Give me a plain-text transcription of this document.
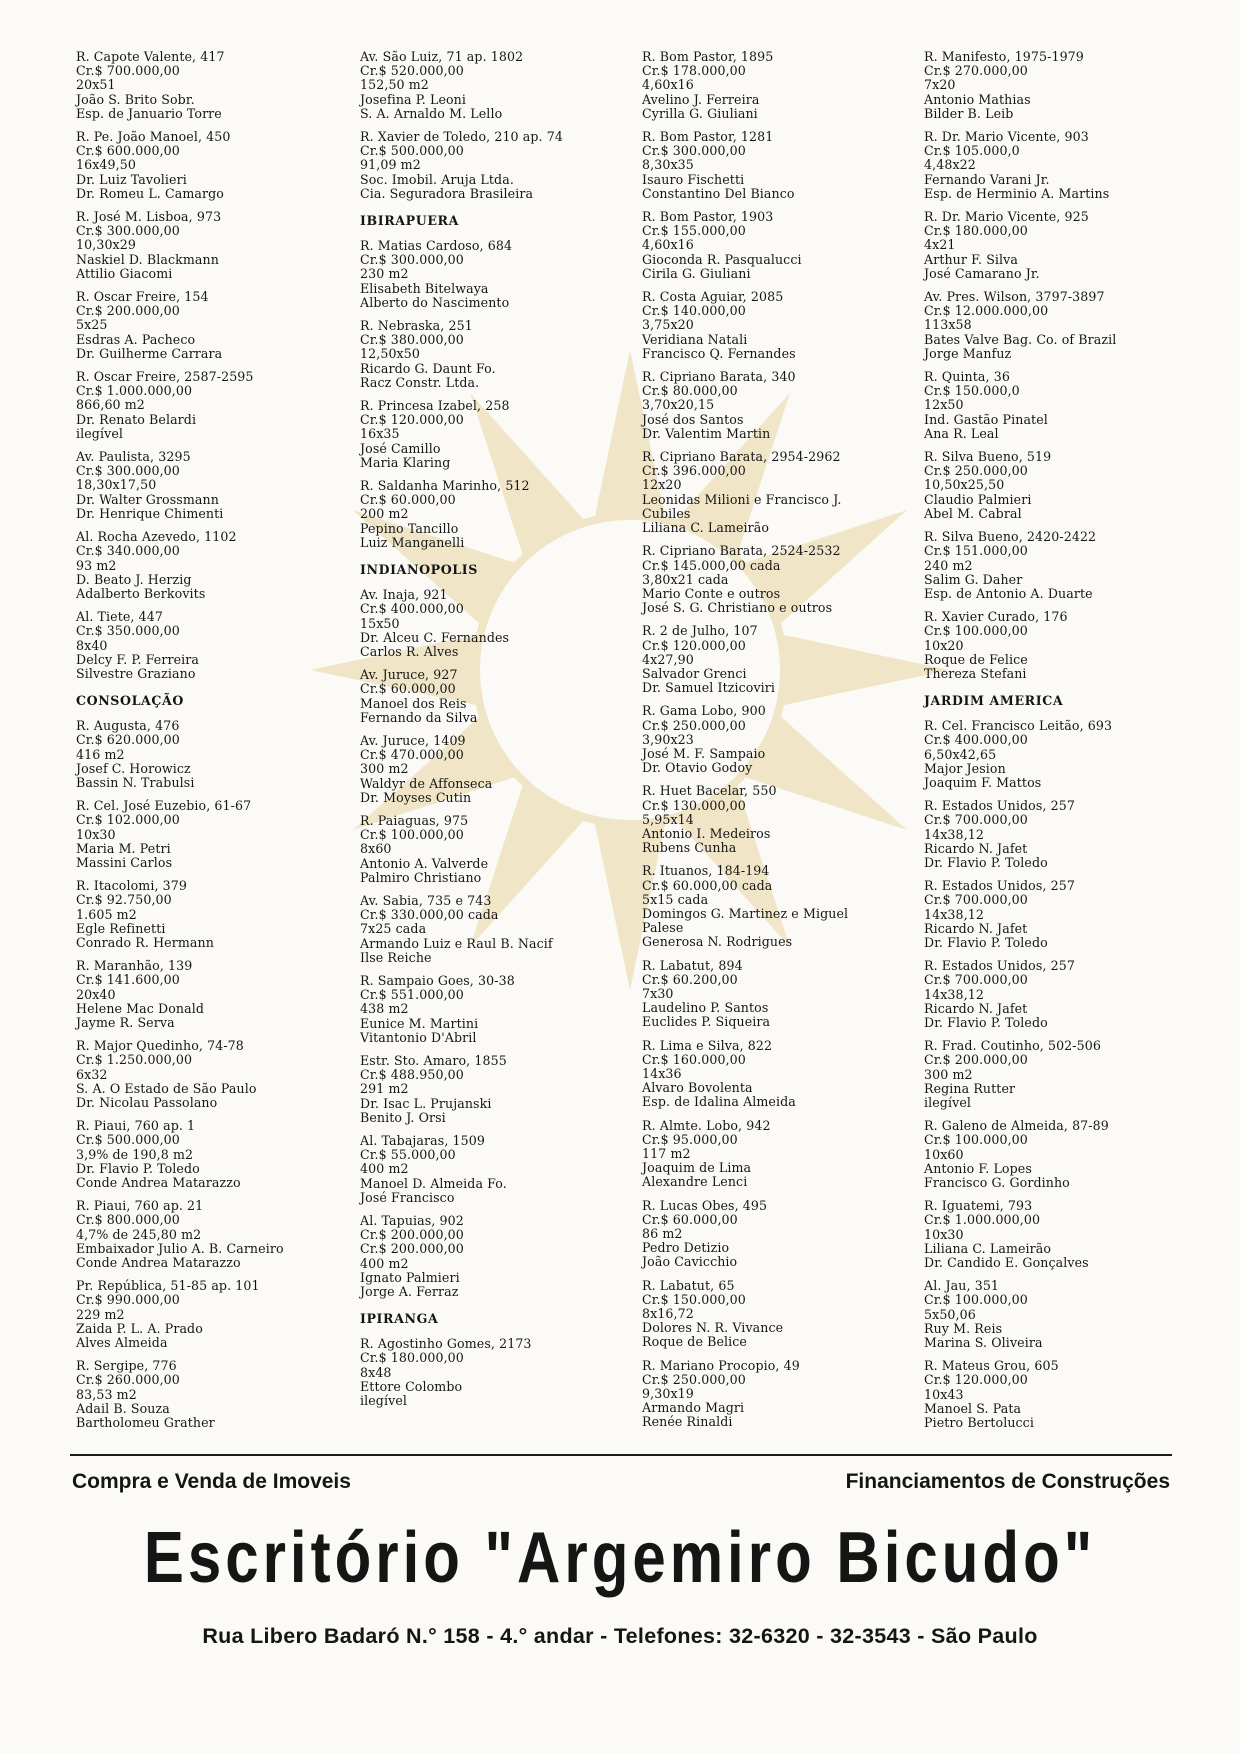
R. Capote Valente, 417
Cr.$ 700.000,00
20x51
João S. Brito Sobr.
Esp. de Januario Torre
R. Pe. João Manoel, 450
Cr.$ 600.000,00
16x49,50
Dr. Luiz Tavolieri
Dr. Romeu L. Camargo
R. José M. Lisboa, 973
Cr.$ 300.000,00
10,30x29
Naskiel D. Blackmann
Attilio Giacomi
R. Oscar Freire, 154
Cr.$ 200.000,00
5x25
Esdras A. Pacheco
Dr. Guilherme Carrara
R. Oscar Freire, 2587-2595
Cr.$ 1.000.000,00
866,60 m2
Dr. Renato Belardi
ilegível
Av. Paulista, 3295
Cr.$ 300.000,00
18,30x17,50
Dr. Walter Grossmann
Dr. Henrique Chimenti
Al. Rocha Azevedo, 1102
Cr.$ 340.000,00
93 m2
D. Beato J. Herzig
Adalberto Berkovits
Al. Tiete, 447
Cr.$ 350.000,00
8x40
Delcy F. P. Ferreira
Silvestre Graziano
CONSOLAÇÃO
R. Augusta, 476
Cr.$ 620.000,00
416 m2
Josef C. Horowicz
Bassin N. Trabulsi
R. Cel. José Euzebio, 61-67
Cr.$ 102.000,00
10x30
Maria M. Petri
Massini Carlos
R. Itacolomi, 379
Cr.$ 92.750,00
1.605 m2
Egle Refinetti
Conrado R. Hermann
R. Maranhão, 139
Cr.$ 141.600,00
20x40
Helene Mac Donald
Jayme R. Serva
R. Major Quedinho, 74-78
Cr.$ 1.250.000,00
6x32
S. A. O Estado de São Paulo
Dr. Nicolau Passolano
R. Piaui, 760 ap. 1
Cr.$ 500.000,00
3,9% de 190,8 m2
Dr. Flavio P. Toledo
Conde Andrea Matarazzo
R. Piaui, 760 ap. 21
Cr.$ 800.000,00
4,7% de 245,80 m2
Embaixador Julio A. B. Carneiro
Conde Andrea Matarazzo
Pr. República, 51-85 ap. 101
Cr.$ 990.000,00
229 m2
Zaida P. L. A. Prado
Alves Almeida
R. Sergipe, 776
Cr.$ 260.000,00
83,53 m2
Adail B. Souza
Bartholomeu Grather
Av. São Luiz, 71 ap. 1802
Cr.$ 520.000,00
152,50 m2
Josefina P. Leoni
S. A. Arnaldo M. Lello
R. Xavier de Toledo, 210 ap. 74
Cr.$ 500.000,00
91,09 m2
Soc. Imobil. Aruja Ltda.
Cia. Seguradora Brasileira
IBIRAPUERA
R. Matias Cardoso, 684
Cr.$ 300.000,00
230 m2
Elisabeth Bitelwaya
Alberto do Nascimento
R. Nebraska, 251
Cr.$ 380.000,00
12,50x50
Ricardo G. Daunt Fo.
Racz Constr. Ltda.
R. Princesa Izabel, 258
Cr.$ 120.000,00
16x35
José Camillo
Maria Klaring
R. Saldanha Marinho, 512
Cr.$ 60.000,00
200 m2
Pepino Tancillo
Luiz Manganelli
INDIANOPOLIS
Av. Inaja, 921
Cr.$ 400.000,00
15x50
Dr. Alceu C. Fernandes
Carlos R. Alves
Av. Juruce, 927
Cr.$ 60.000,00
Manoel dos Reis
Fernando da Silva
Av. Juruce, 1409
Cr.$ 470.000,00
300 m2
Waldyr de Affonseca
Dr. Moyses Cutin
R. Paiaguas, 975
Cr.$ 100.000,00
8x60
Antonio A. Valverde
Palmiro Christiano
Av. Sabia, 735 e 743
Cr.$ 330.000,00 cada
7x25 cada
Armando Luiz e Raul B. Nacif
Ilse Reiche
R. Sampaio Goes, 30-38
Cr.$ 551.000,00
438 m2
Eunice M. Martini
Vitantonio D'Abril
Estr. Sto. Amaro, 1855
Cr.$ 488.950,00
291 m2
Dr. Isac L. Prujanski
Benito J. Orsi
Al. Tabajaras, 1509
Cr.$ 55.000,00
400 m2
Manoel D. Almeida Fo.
José Francisco
Al. Tapuias, 902
Cr.$ 200.000,00
Cr.$ 200.000,00
400 m2
Ignato Palmieri
Jorge A. Ferraz
IPIRANGA
R. Agostinho Gomes, 2173
Cr.$ 180.000,00
8x48
Ettore Colombo
ilegível
R. Bom Pastor, 1895
Cr.$ 178.000,00
4,60x16
Avelino J. Ferreira
Cyrilla G. Giuliani
R. Bom Pastor, 1281
Cr.$ 300.000,00
8,30x35
Isauro Fischetti
Constantino Del Bianco
R. Bom Pastor, 1903
Cr.$ 155.000,00
4,60x16
Gioconda R. Pasqualucci
Cirila G. Giuliani
R. Costa Aguiar, 2085
Cr.$ 140.000,00
3,75x20
Veridiana Natali
Francisco Q. Fernandes
R. Cipriano Barata, 340
Cr.$ 80.000,00
3,70x20,15
José dos Santos
Dr. Valentim Martin
R. Cipriano Barata, 2954-2962
Cr.$ 396.000,00
12x20
Leonidas Milioni e Francisco J.
Cubiles
Liliana C. Lameirão
R. Cipriano Barata, 2524-2532
Cr.$ 145.000,00 cada
3,80x21 cada
Mario Conte e outros
José S. G. Christiano e outros
R. 2 de Julho, 107
Cr.$ 120.000,00
4x27,90
Salvador Grenci
Dr. Samuel Itzicoviri
R. Gama Lobo, 900
Cr.$ 250.000,00
3,90x23
José M. F. Sampaio
Dr. Otavio Godoy
R. Huet Bacelar, 550
Cr.$ 130.000,00
5,95x14
Antonio I. Medeiros
Rubens Cunha
R. Ituanos, 184-194
Cr.$ 60.000,00 cada
5x15 cada
Domingos G. Martinez e Miguel
Palese
Generosa N. Rodrigues
R. Labatut, 894
Cr.$ 60.200,00
7x30
Laudelino P. Santos
Euclides P. Siqueira
R. Lima e Silva, 822
Cr.$ 160.000,00
14x36
Alvaro Bovolenta
Esp. de Idalina Almeida
R. Almte. Lobo, 942
Cr.$ 95.000,00
117 m2
Joaquim de Lima
Alexandre Lenci
R. Lucas Obes, 495
Cr.$ 60.000,00
86 m2
Pedro Detizio
João Cavicchio
R. Labatut, 65
Cr.$ 150.000,00
8x16,72
Dolores N. R. Vivance
Roque de Belice
R. Mariano Procopio, 49
Cr.$ 250.000,00
9,30x19
Armando Magri
Renée Rinaldi
R. Manifesto, 1975-1979
Cr.$ 270.000,00
7x20
Antonio Mathias
Bilder B. Leib
R. Dr. Mario Vicente, 903
Cr.$ 105.000,0
4,48x22
Fernando Varani Jr.
Esp. de Herminio A. Martins
R. Dr. Mario Vicente, 925
Cr.$ 180.000,00
4x21
Arthur F. Silva
José Camarano Jr.
Av. Pres. Wilson, 3797-3897
Cr.$ 12.000.000,00
113x58
Bates Valve Bag. Co. of Brazil
Jorge Manfuz
R. Quinta, 36
Cr.$ 150.000,0
12x50
Ind. Gastão Pinatel
Ana R. Leal
R. Silva Bueno, 519
Cr.$ 250.000,00
10,50x25,50
Claudio Palmieri
Abel M. Cabral
R. Silva Bueno, 2420-2422
Cr.$ 151.000,00
240 m2
Salim G. Daher
Esp. de Antonio A. Duarte
R. Xavier Curado, 176
Cr.$ 100.000,00
10x20
Roque de Felice
Thereza Stefani
JARDIM AMERICA
R. Cel. Francisco Leitão, 693
Cr.$ 400.000,00
6,50x42,65
Major Jesion
Joaquim F. Mattos
R. Estados Unidos, 257
Cr.$ 700.000,00
14x38,12
Ricardo N. Jafet
Dr. Flavio P. Toledo
R. Estados Unidos, 257
Cr.$ 700.000,00
14x38,12
Ricardo N. Jafet
Dr. Flavio P. Toledo
R. Estados Unidos, 257
Cr.$ 700.000,00
14x38,12
Ricardo N. Jafet
Dr. Flavio P. Toledo
R. Frad. Coutinho, 502-506
Cr.$ 200.000,00
300 m2
Regina Rutter
ilegível
R. Galeno de Almeida, 87-89
Cr.$ 100.000,00
10x60
Antonio F. Lopes
Francisco G. Gordinho
R. Iguatemi, 793
Cr.$ 1.000.000,00
10x30
Liliana C. Lameirão
Dr. Candido E. Gonçalves
Al. Jau, 351
Cr.$ 100.000,00
5x50,06
Ruy M. Reis
Marina S. Oliveira
R. Mateus Grou, 605
Cr.$ 120.000,00
10x43
Manoel S. Pata
Pietro Bertolucci
Compra e Venda de Imoveis	Financiamentos de Construções
Escritório "Argemiro Bicudo"
Rua Libero Badaró N.° 158 - 4.° andar - Telefones: 32-6320 - 32-3543 - São Paulo
